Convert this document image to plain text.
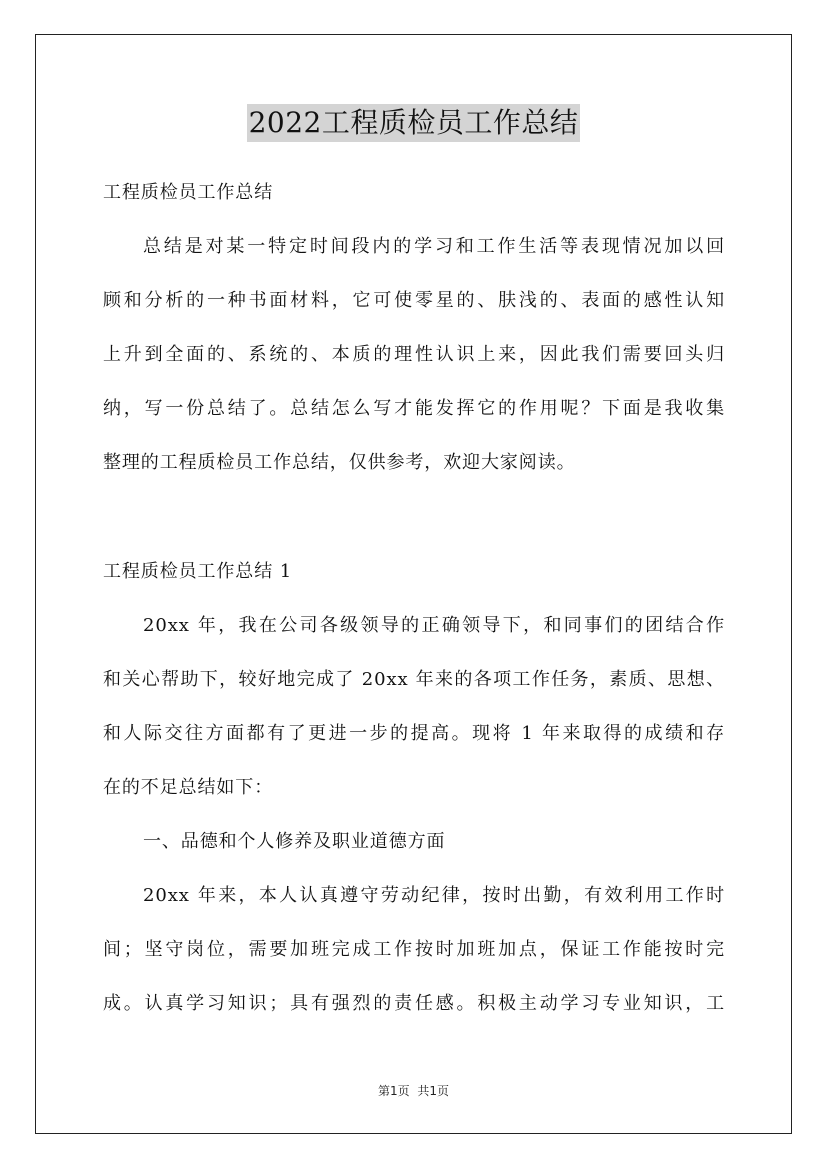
2022工程质检员工作总结
工程质检员工作总结
总结是对某一特定时间段内的学习和工作生活等表现情况加以回
顾和分析的一种书面材料，它可使零星的、肤浅的、表面的感性认知
上升到全面的、系统的、本质的理性认识上来，因此我们需要回头归
纳，写一份总结了。总结怎么写才能发挥它的作用呢？下面是我收集
整理的工程质检员工作总结，仅供参考，欢迎大家阅读。
工程质检员工作总结 1
20xx 年，我在公司各级领导的正确领导下，和同事们的团结合作
和关心帮助下，较好地完成了 20xx 年来的各项工作任务，素质、思想、
和人际交往方面都有了更进一步的提高。现将 1 年来取得的成绩和存
在的不足总结如下：
一、品德和个人修养及职业道德方面
20xx 年来，本人认真遵守劳动纪律，按时出勤，有效利用工作时
间；坚守岗位，需要加班完成工作按时加班加点，保证工作能按时完
成。认真学习知识；具有强烈的责任感。积极主动学习专业知识，工
第1页 共1页
